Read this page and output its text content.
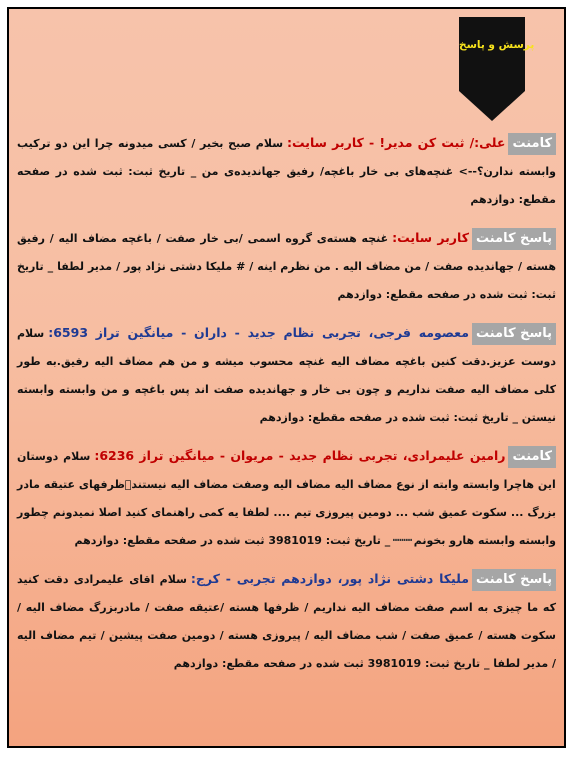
پرسش و پاسخ
کامنتعلی:/ ثبت کن مدیر! - کاربر سایت:سلام صبح بخیر / کسی میدونه چرا این دو ترکیب وابسته ندارن؟--> غنچه‌های بی خار باغچه/ رفیق جهاندیده‌ی من _ تاریخ ثبت: ثبت شده در صفحه مقطع: دوازدهم
پاسخ کامنتکاربر سایت:غنچه هسته‌ی گروه اسمی /بی خار صفت / باغچه مضاف الیه / رفیق هسته / جهاندیده صفت / من مضاف الیه . من نظرم اینه / # ملیکا دشتی نژاد پور / مدیر لطفا _ تاریخ ثبت: ثبت شده در صفحه مقطع: دوازدهم
پاسخ کامنتمعصومه فرجی، تجربی نظام جدید - داران - میانگین تراز 6593:سلام دوست عزیز.دقت کنین باغچه مضاف الیه غنچه محسوب میشه و من هم مضاف الیه رفیق.به طور کلی مضاف الیه صفت نداریم و چون بی خار و جهاندیده صفت اند پس باغچه و من وابسته وابسته نیستن _ تاریخ ثبت: ثبت شده در صفحه مقطع: دوازدهم
کامنترامین علیمرادی، تجربی نظام جدید - مریوان - میانگین تراز 6236:سلام دوستان این هاچرا وابسته وابته از نوع مضاف الیه مضاف الیه وصفت مضاف الیه نیستند⃞ظرفهای عتیقه مادر بزرگ ... سکوت عمیق شب ... دومین پیروزی تیم .... لطفا یه کمی راهنمای کنید اصلا نمیدونم چطور وابسته وابسته هارو بخونمⵈⵈⵈ_ تاریخ ثبت: 3981019 ثبت شده در صفحه مقطع: دوازدهم
پاسخ کامنتملیکا دشتی نژاد پور، دوازدهم تجربی - کرج:سلام اقای علیمرادی دقت کنید که ما چیزی به اسم صفت مضاف الیه نداریم / ظرفها هسته /عتیقه صفت / مادربزرگ مضاف الیه / سکوت هسته / عمیق صفت / شب مضاف الیه / پیروزی هسته / دومین صفت پیشین / تیم مضاف الیه / مدیر لطفا _ تاریخ ثبت: 3981019 ثبت شده در صفحه مقطع: دوازدهم
